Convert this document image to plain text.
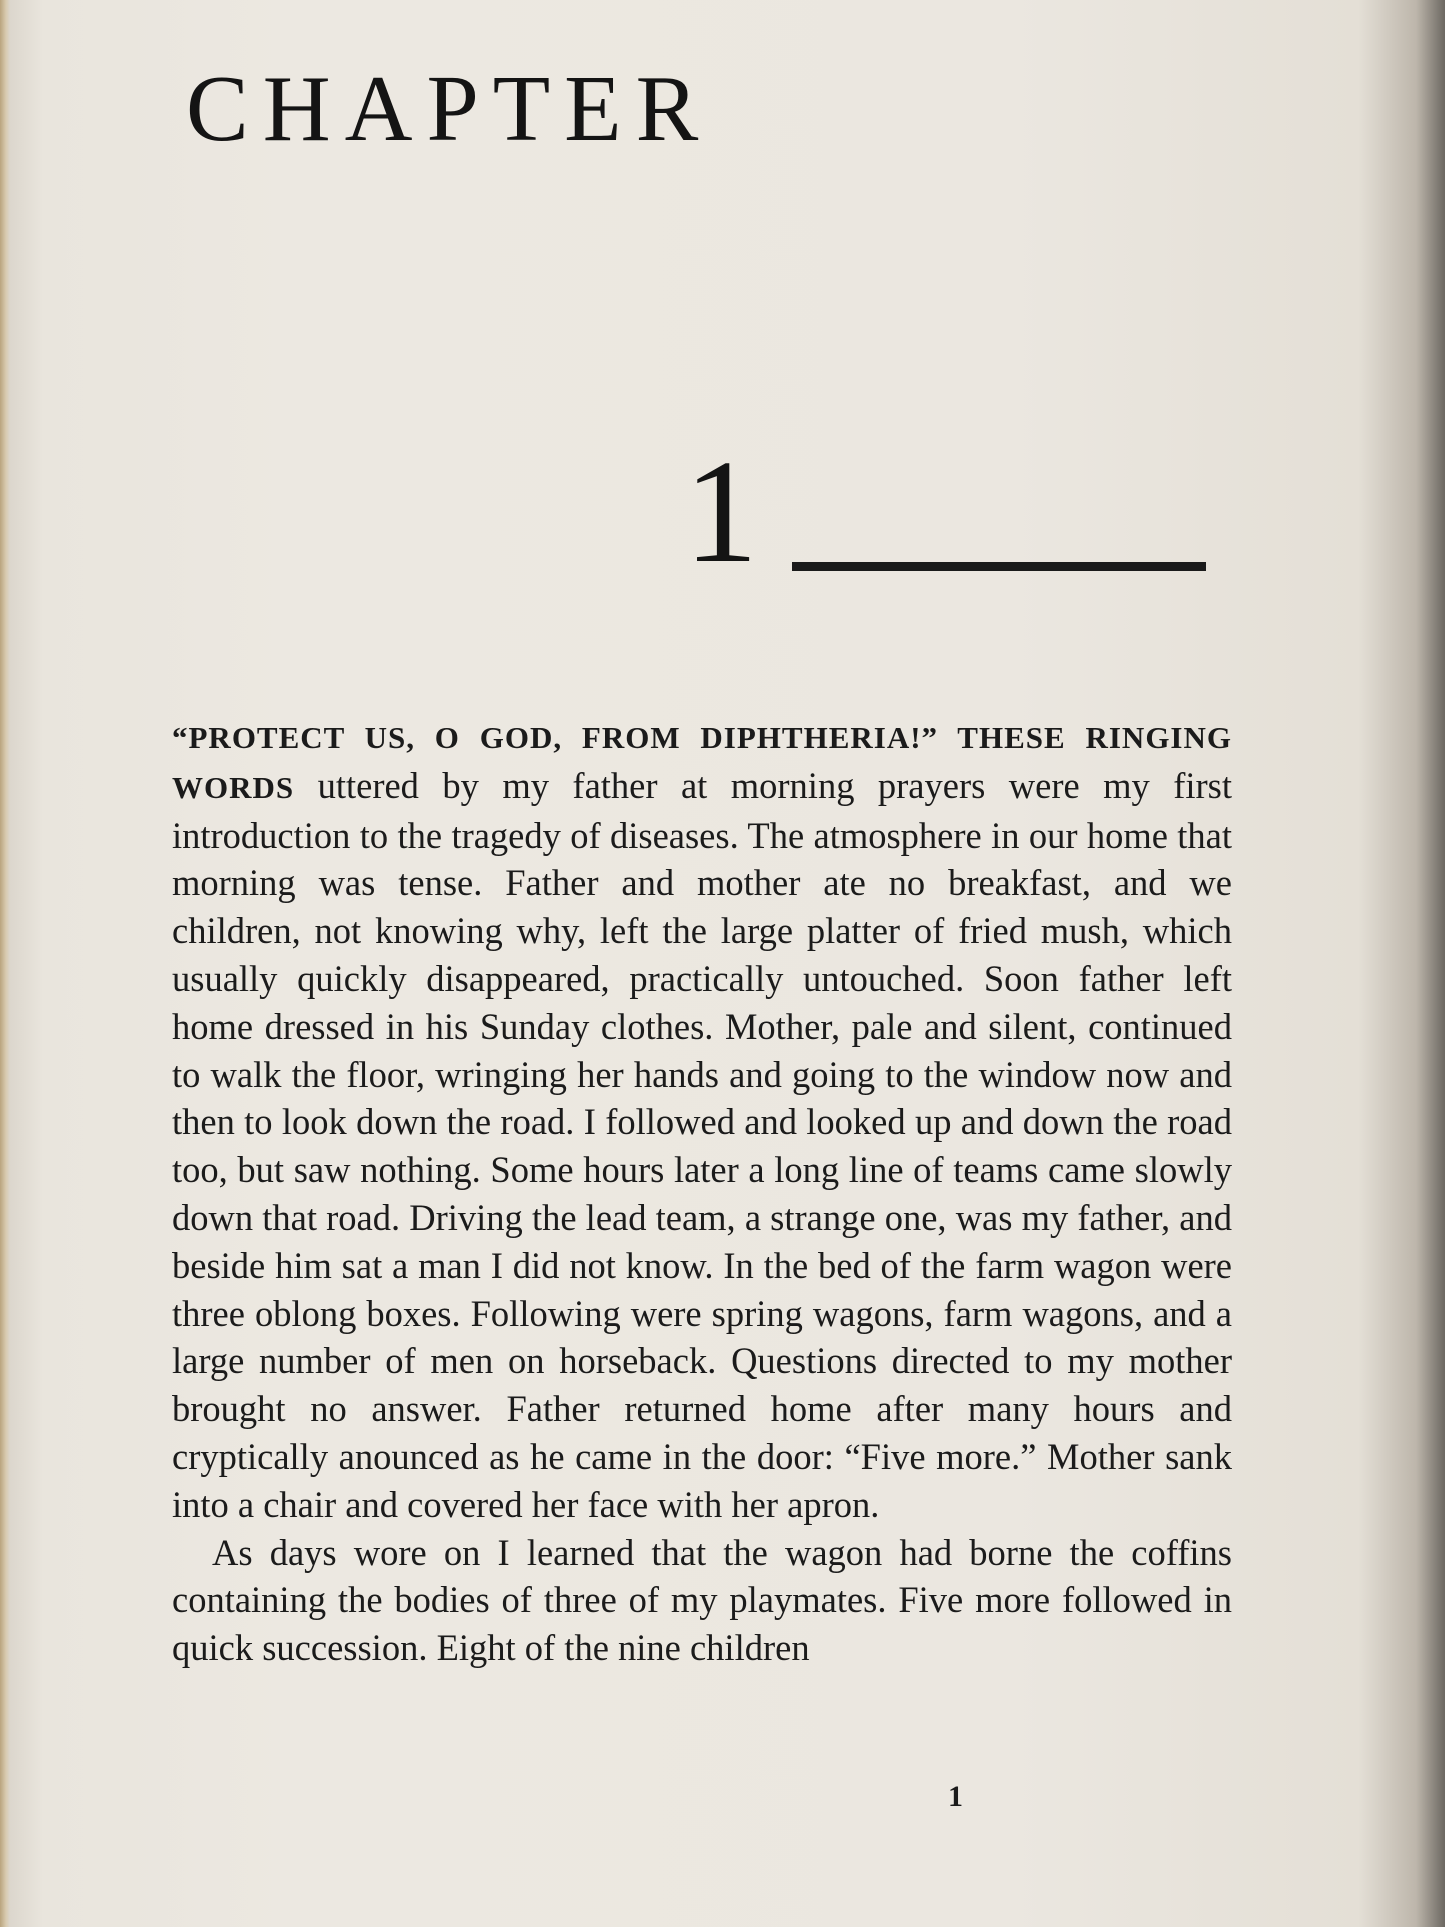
CHAPTER
1

“PROTECT US, O GOD, FROM DIPHTHERIA!” THESE RINGING WORDS uttered by my father at morning prayers were my first introduction to the tragedy of diseases. The atmosphere in our home that morning was tense. Father and mother ate no breakfast, and we children, not knowing why, left the large platter of fried mush, which usually quickly disappeared, practically untouched. Soon father left home dressed in his Sunday clothes. Mother, pale and silent, continued to walk the floor, wringing her hands and going to the window now and then to look down the road. I followed and looked up and down the road too, but saw nothing. Some hours later a long line of teams came slowly down that road. Driving the lead team, a strange one, was my father, and beside him sat a man I did not know. In the bed of the farm wagon were three oblong boxes. Following were spring wagons, farm wagons, and a large number of men on horseback. Questions directed to my mother brought no answer. Father returned home after many hours and cryptically anounced as he came in the door: “Five more.” Mother sank into a chair and covered her face with her apron.

As days wore on I learned that the wagon had borne the coffins containing the bodies of three of my playmates. Five more followed in quick succession. Eight of the nine children

1
